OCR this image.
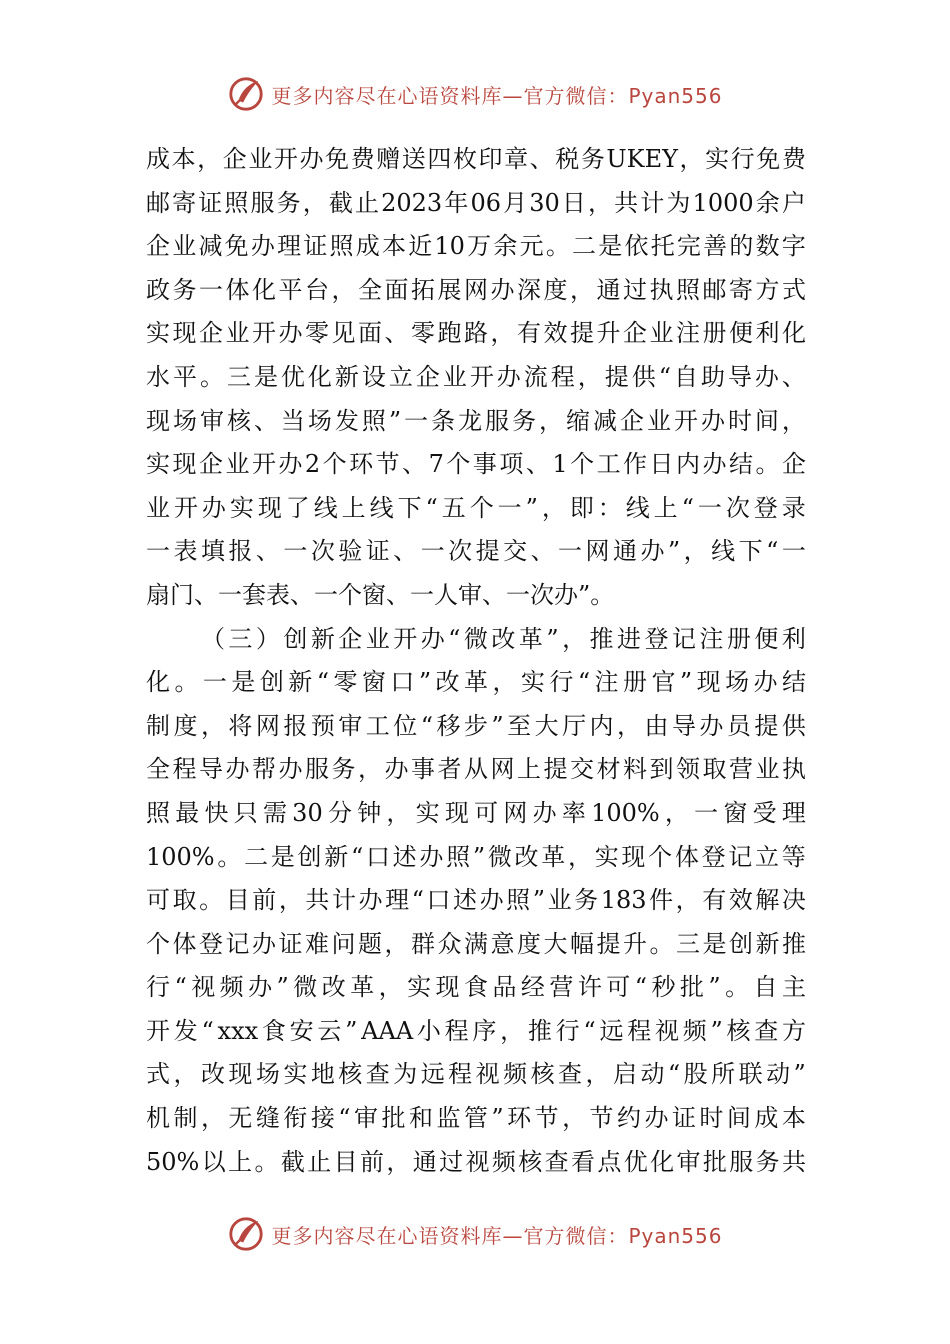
更多内容尽在心语资料库—官方微信：Pyan556
成 本 ， 企 业 开 办 免 费 赠 送 四 枚 印 章 、 税 务 UKEY ， 实 行 免 费
邮 寄 证 照 服 务 ， 截 止 2023 年 06 月 30 日 ， 共 计 为 1000 余 户
企 业 减 免 办 理 证 照 成 本 近 10 万 余 元 。 二 是 依 托 完 善 的 数 字
政 务 一 体 化 平 台 ， 全 面 拓 展 网 办 深 度 ， 通 过 执 照 邮 寄 方 式
实 现 企 业 开 办 零 见 面 、 零 跑 路 ， 有 效 提 升 企 业 注 册 便 利 化
水 平 。 三 是 优 化 新 设 立 企 业 开 办 流 程 ， 提 供 “ 自 助 导 办 、
现 场 审 核 、 当 场 发 照 ” 一 条 龙 服 务 ， 缩 减 企 业 开 办 时 间 ，
实 现 企 业 开 办 2 个 环 节 、 7 个 事 项 、 1 个 工 作 日 内 办 结 。 企
业 开 办 实 现 了 线 上 线 下 “ 五 个 一 ” ， 即 ： 线 上 “ 一 次 登 录
一 表 填 报 、 一 次 验 证 、 一 次 提 交 、 一 网 通 办 ” ， 线 下 “ 一
扇 门 、 一 套 表 、 一 个 窗 、 一 人 审 、 一 次 办 ” 。

（ 三 ） 创 新 企 业 开 办 “ 微 改 革 ” ， 推 进 登 记 注 册 便 利
化 。 一 是 创 新 “ 零 窗 口 ” 改 革 ， 实 行 “ 注 册 官 ” 现 场 办 结
制 度 ， 将 网 报 预 审 工 位 “ 移 步 ” 至 大 厅 内 ， 由 导 办 员 提 供
全 程 导 办 帮 办 服 务 ， 办 事 者 从 网 上 提 交 材 料 到 领 取 营 业 执
照 最 快 只 需 30 分 钟 ， 实 现 可 网 办 率 100% ， 一 窗 受 理
100% 。 二 是 创 新 “ 口 述 办 照 ” 微 改 革 ， 实 现 个 体 登 记 立 等
可 取 。 目 前 ， 共 计 办 理 “ 口 述 办 照 ” 业 务 183 件 ， 有 效 解 决
个 体 登 记 办 证 难 问 题 ， 群 众 满 意 度 大 幅 提 升 。 三 是 创 新 推
行 “ 视 频 办 ” 微 改 革 ， 实 现 食 品 经 营 许 可 “ 秒 批 ” 。 自 主
开 发 “ xxx 食 安 云 ” AAA 小 程 序 ， 推 行 “ 远 程 视 频 ” 核 查 方
式 ， 改 现 场 实 地 核 查 为 远 程 视 频 核 查 ， 启 动 “ 股 所 联 动 ”
机 制 ， 无 缝 衔 接 “ 审 批 和 监 管 ” 环 节 ， 节 约 办 证 时 间 成 本
50% 以 上 。 截 止 目 前 ， 通 过 视 频 核 查 看 点 优 化 审 批 服 务 共
更多内容尽在心语资料库—官方微信：Pyan556
